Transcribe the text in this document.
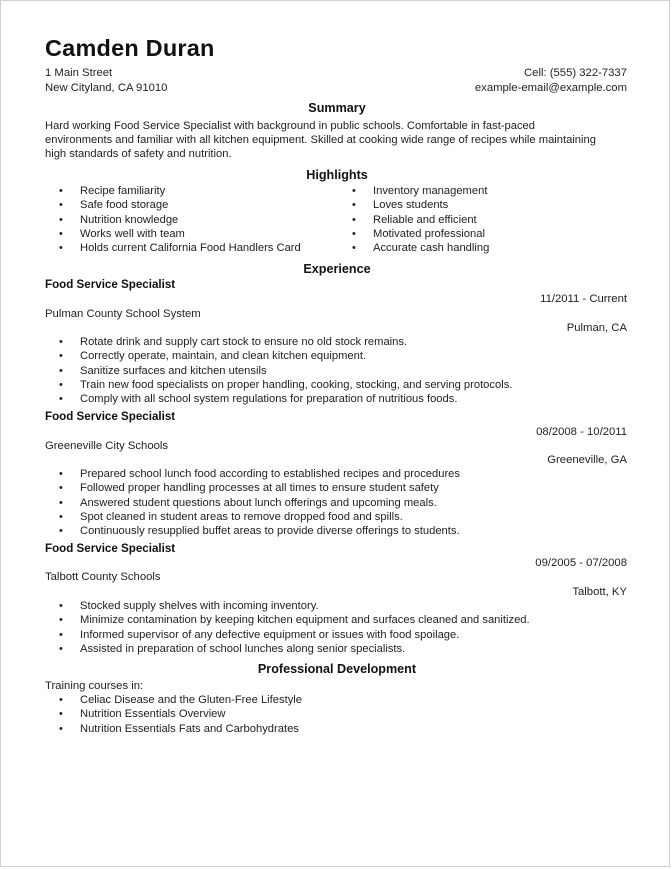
Camden Duran
1 Main Street
New Cityland, CA 91010
Cell: (555) 322-7337
example-email@example.com
Summary
Hard working Food Service Specialist with background in public schools. Comfortable in fast-paced
environments and familiar with all kitchen equipment. Skilled at cooking wide range of recipes while maintaining
high standards of safety and nutrition.
Highlights
• Recipe familiarity
• Safe food storage
• Nutrition knowledge
• Works well with team
• Holds current California Food Handlers Card
• Inventory management
• Loves students
• Reliable and efficient
• Motivated professional
• Accurate cash handling
Experience
Food Service Specialist
11/2011 - Current
Pulman County School System
Pulman, CA
• Rotate drink and supply cart stock to ensure no old stock remains.
• Correctly operate, maintain, and clean kitchen equipment.
• Sanitize surfaces and kitchen utensils
• Train new food specialists on proper handling, cooking, stocking, and serving protocols.
• Comply with all school system regulations for preparation of nutritious foods.
Food Service Specialist
08/2008 - 10/2011
Greeneville City Schools
Greeneville, GA
• Prepared school lunch food according to established recipes and procedures
• Followed proper handling processes at all times to ensure student safety
• Answered student questions about lunch offerings and upcoming meals.
• Spot cleaned in student areas to remove dropped food and spills.
• Continuously resupplied buffet areas to provide diverse offerings to students.
Food Service Specialist
09/2005 - 07/2008
Talbott County Schools
Talbott, KY
• Stocked supply shelves with incoming inventory.
• Minimize contamination by keeping kitchen equipment and surfaces cleaned and sanitized.
• Informed supervisor of any defective equipment or issues with food spoilage.
• Assisted in preparation of school lunches along senior specialists.
Professional Development
Training courses in:
• Celiac Disease and the Gluten-Free Lifestyle
• Nutrition Essentials Overview
• Nutrition Essentials Fats and Carbohydrates
